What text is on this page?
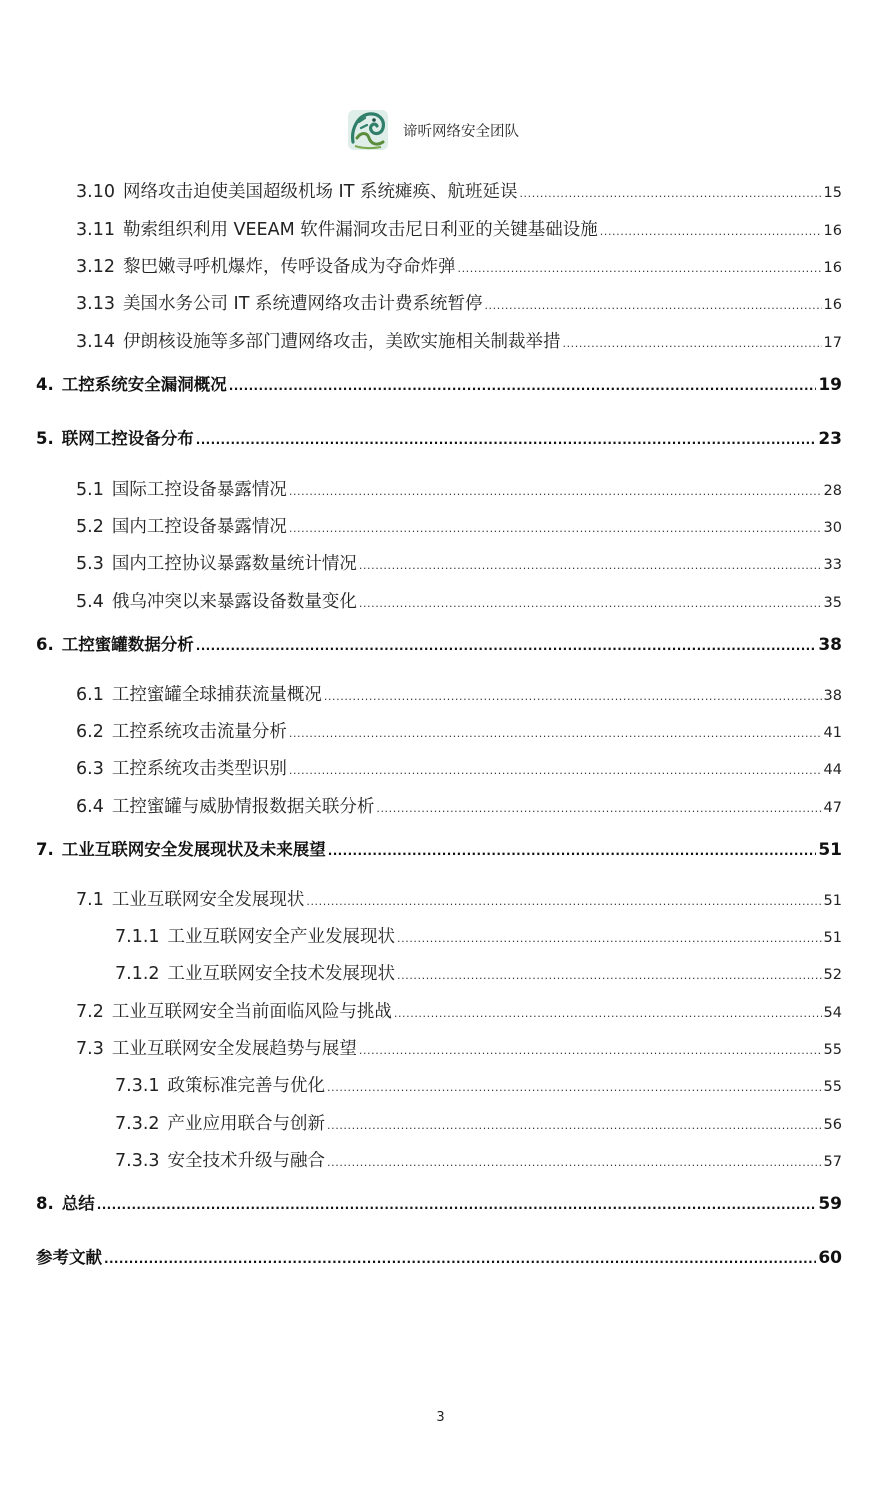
谛听网络安全团队
3.10 网络攻击迫使美国超级机场 IT 系统瘫痪、航班延误 .....	15
3.11 勒索组织利用 VEEAM 软件漏洞攻击尼日利亚的关键基础设施 .....	16
3.12 黎巴嫩寻呼机爆炸，传呼设备成为夺命炸弹 .....	16
3.13 美国水务公司 IT 系统遭网络攻击计费系统暂停 .....	16
3.14 伊朗核设施等多部门遭网络攻击，美欧实施相关制裁举措 .....	17
4. 工控系统安全漏洞概况 .....	19
5. 联网工控设备分布 .....	23
5.1 国际工控设备暴露情况 .....	28
5.2 国内工控设备暴露情况 .....	30
5.3 国内工控协议暴露数量统计情况 .....	33
5.4 俄乌冲突以来暴露设备数量变化 .....	35
6. 工控蜜罐数据分析 .....	38
6.1 工控蜜罐全球捕获流量概况 .....	38
6.2 工控系统攻击流量分析 .....	41
6.3 工控系统攻击类型识别 .....	44
6.4 工控蜜罐与威胁情报数据关联分析 .....	47
7. 工业互联网安全发展现状及未来展望 .....	51
7.1 工业互联网安全发展现状 .....	51
7.1.1 工业互联网安全产业发展现状 .....	51
7.1.2 工业互联网安全技术发展现状 .....	52
7.2 工业互联网安全当前面临风险与挑战 .....	54
7.3 工业互联网安全发展趋势与展望 .....	55
7.3.1 政策标准完善与优化 .....	55
7.3.2 产业应用联合与创新 .....	56
7.3.3 安全技术升级与融合 .....	57
8. 总结 .....	59
参考文献 .....	60
3
